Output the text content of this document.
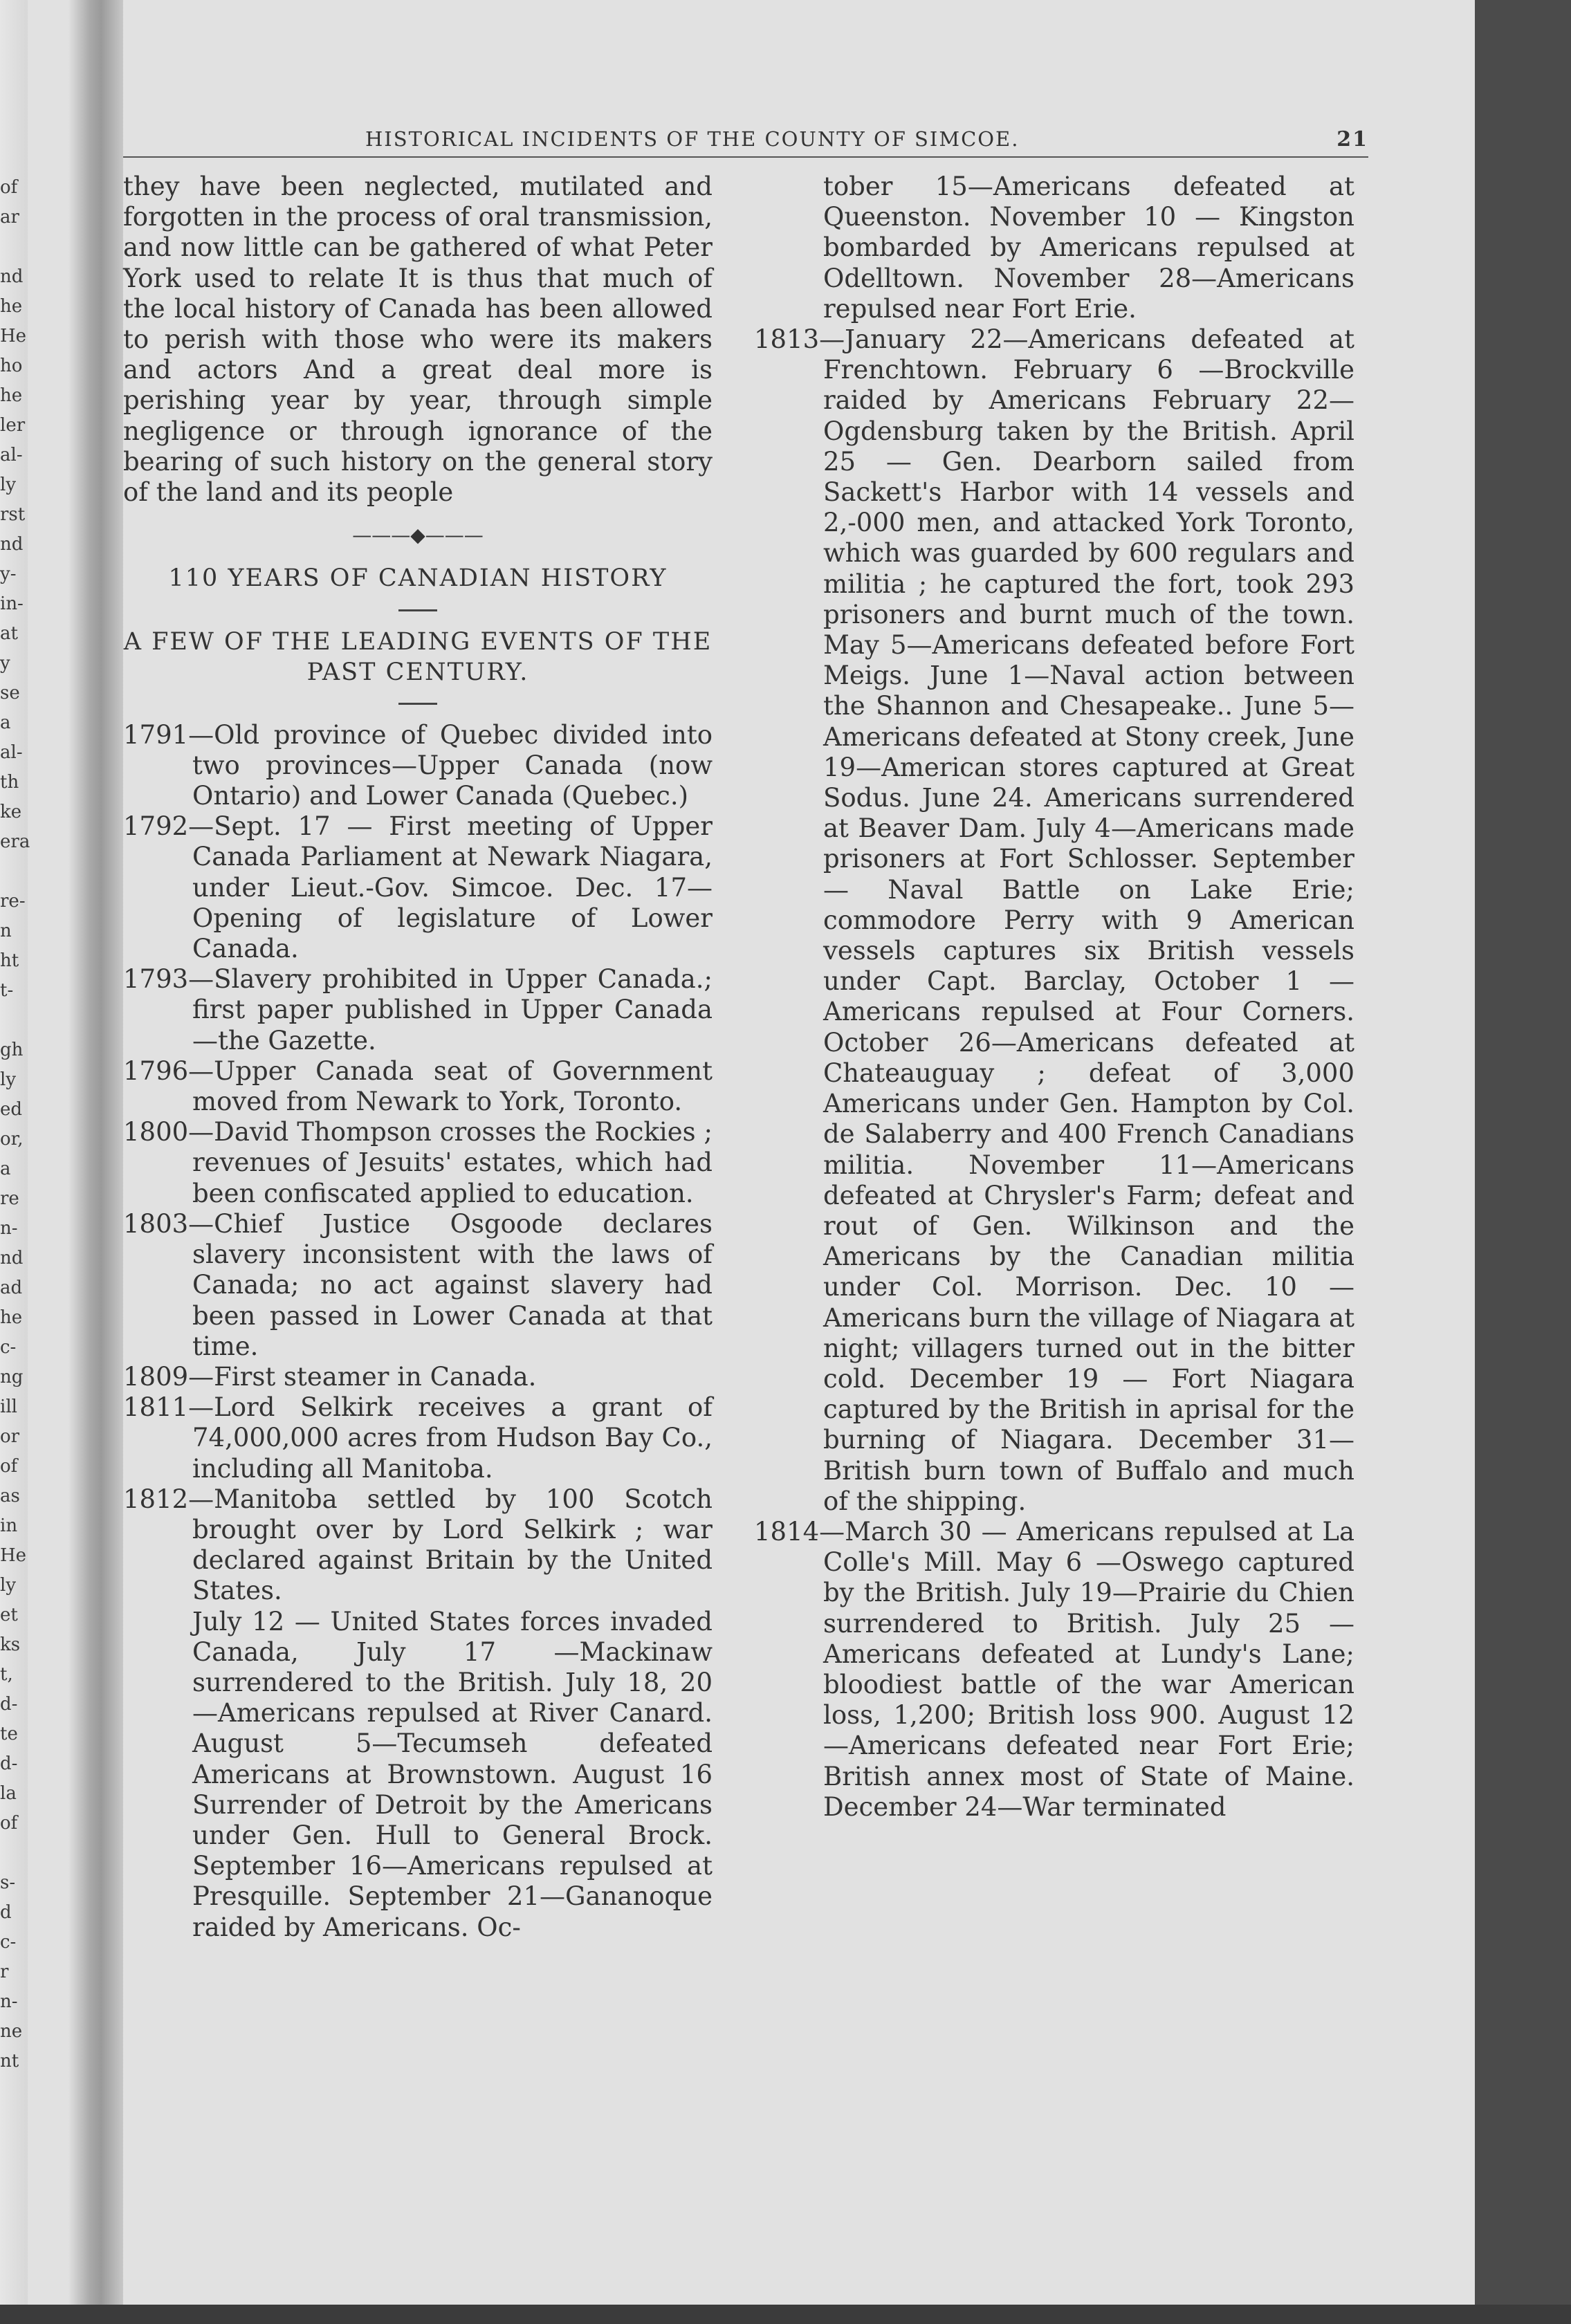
of
ar
nd
he
He
ho
he
ler
al-
ly
rst
nd
y-
in-
at
y
se
a
al-
th
ke
era
re-
n
ht
t-
gh
ly
ed
or,
a
re
n-
nd
ad
he
c-
ng
ill
or
of
as
in
He
ly
et
ks
t,
d-
te
d-
la
of
s-
d
c-
r
n-
ne
nt
HISTORICAL INCIDENTS OF THE COUNTY OF SIMCOE.	21

they have been neglected, mutilated and forgotten in the process of oral transmission, and now little can be gathered of what Peter York used to relate It is thus that much of the local history of Canada has been allowed to perish with those who were its makers and actors And a great deal more is perishing year by year, through simple negligence or through ignorance of the bearing of such history on the general story of the land and its people

———◆———
110 YEARS OF CANADIAN HISTORY
A FEW OF THE LEADING EVENTS OF THE PAST CENTURY.

1791—Old province of Quebec divided into two provinces—Upper Canada (now Ontario) and Lower Canada (Quebec.)

1792—Sept. 17 — First meeting of Upper Canada Parliament at Newark Niagara, under Lieut.-Gov. Simcoe. Dec. 17—Opening of legislature of Lower Canada.

1793—Slavery prohibited in Upper Canada.; first paper published in Upper Canada—the Gazette.

1796—Upper Canada seat of Government moved from Newark to York, Toronto.

1800—David Thompson crosses the Rockies ; revenues of Jesuits' estates, which had been confiscated applied to education.

1803—Chief Justice Osgoode declares slavery inconsistent with the laws of Canada; no act against slavery had been passed in Lower Canada at that time.

1809—First steamer in Canada.

1811—Lord Selkirk receives a grant of 74,000,000 acres from Hudson Bay Co., including all Manitoba.

1812—Manitoba settled by 100 Scotch brought over by Lord Selkirk ; war declared against Britain by the United States.

July 12 — United States forces invaded Canada, July 17 —Mackinaw surrendered to the British. July 18, 20—Americans repulsed at River Canard. August 5—Tecumseh defeated Americans at Brownstown. August 16 Surrender of Detroit by the Americans under Gen. Hull to General Brock. September 16—Americans repulsed at Presquille. September 21—Gananoque raided by Americans. Oc-

tober 15—Americans defeated at Queenston. November 10 — Kingston bombarded by Americans repulsed at Odelltown. November 28—Americans repulsed near Fort Erie.

1813—January 22—Americans defeated at Frenchtown. February 6 —Brockville raided by Americans February 22—Ogdensburg taken by the British. April 25 — Gen. Dearborn sailed from Sackett's Harbor with 14 vessels and 2,-000 men, and attacked York Toronto, which was guarded by 600 regulars and militia ; he captured the fort, took 293 prisoners and burnt much of the town. May 5—Americans defeated before Fort Meigs. June 1—Naval action between the Shannon and Chesapeake.. June 5—Americans defeated at Stony creek, June 19—American stores captured at Great Sodus. June 24. Americans surrendered at Beaver Dam. July 4—Americans made prisoners at Fort Schlosser. September — Naval Battle on Lake Erie; commodore Perry with 9 American vessels captures six British vessels under Capt. Barclay, October 1 — Americans repulsed at Four Corners. October 26—Americans defeated at Chateauguay ; defeat of 3,000 Americans under Gen. Hampton by Col. de Salaberry and 400 French Canadians militia. November 11—Americans defeated at Chrysler's Farm; defeat and rout of Gen. Wilkinson and the Americans by the Canadian militia under Col. Morrison. Dec. 10 —Americans burn the village of Niagara at night; villagers turned out in the bitter cold. December 19 — Fort Niagara captured by the British in aprisal for the burning of Niagara. December 31—British burn town of Buffalo and much of the shipping.

1814—March 30 — Americans repulsed at La Colle's Mill. May 6 —Oswego captured by the British. July 19—Prairie du Chien surrendered to British. July 25 — Americans defeated at Lundy's Lane; bloodiest battle of the war American loss, 1,200; British loss 900. August 12—Americans defeated near Fort Erie; British annex most of State of Maine. December 24—War terminated
